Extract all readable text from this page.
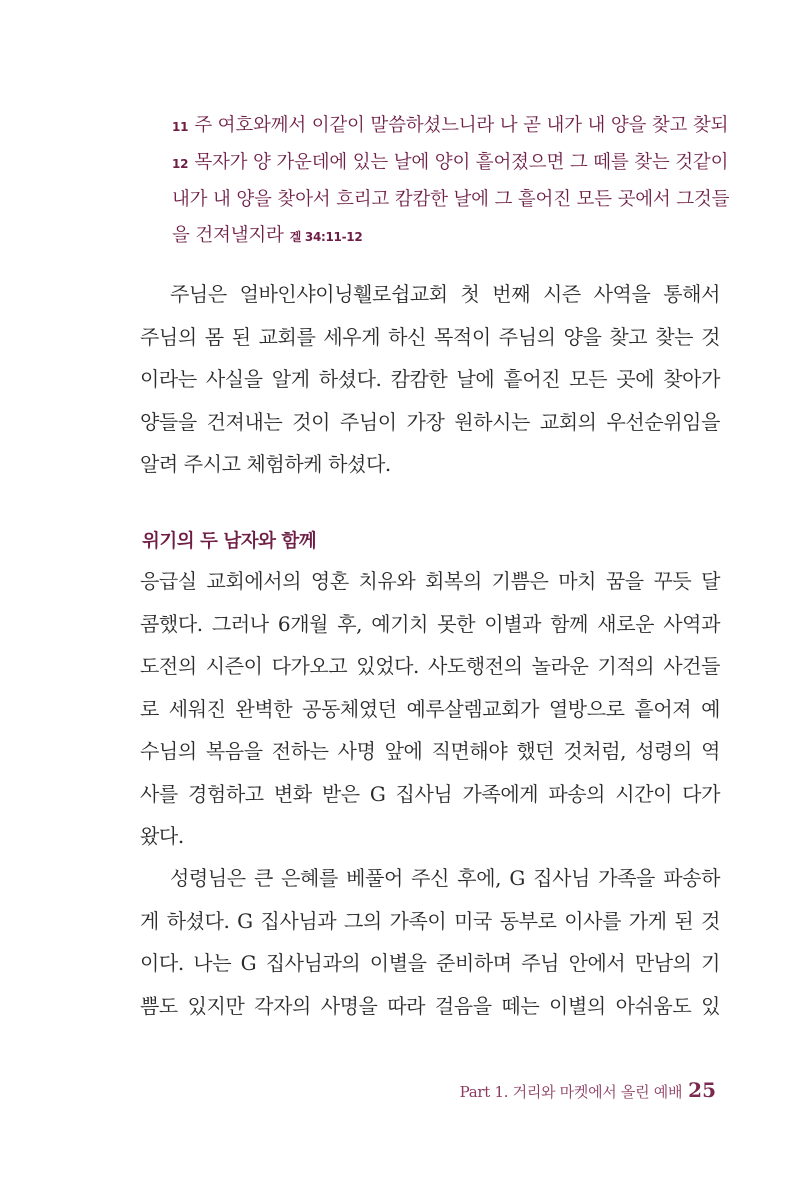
11 주 여호와께서 이같이 말씀하셨느니라 나 곧 내가 내 양을 찾고 찾되
12 목자가 양 가운데에 있는 날에 양이 흩어졌으면 그 떼를 찾는 것같이
내가 내 양을 찾아서 흐리고 캄캄한 날에 그 흩어진 모든 곳에서 그것들
을 건져낼지라 겔 34:11-12
주님은 얼바인샤이닝휄로쉽교회 첫 번째 시즌 사역을 통해서
주님의 몸 된 교회를 세우게 하신 목적이 주님의 양을 찾고 찾는 것
이라는 사실을 알게 하셨다. 캄캄한 날에 흩어진 모든 곳에 찾아가
양들을 건져내는 것이 주님이 가장 원하시는 교회의 우선순위임을
알려 주시고 체험하케 하셨다.
위기의 두 남자와 함께
응급실 교회에서의 영혼 치유와 회복의 기쁨은 마치 꿈을 꾸듯 달
콤했다. 그러나 6개월 후, 예기치 못한 이별과 함께 새로운 사역과
도전의 시즌이 다가오고 있었다. 사도행전의 놀라운 기적의 사건들
로 세워진 완벽한 공동체였던 예루살렘교회가 열방으로 흩어져 예
수님의 복음을 전하는 사명 앞에 직면해야 했던 것처럼, 성령의 역
사를 경험하고 변화 받은 G 집사님 가족에게 파송의 시간이 다가
왔다.
성령님은 큰 은혜를 베풀어 주신 후에, G 집사님 가족을 파송하
게 하셨다. G 집사님과 그의 가족이 미국 동부로 이사를 가게 된 것
이다. 나는 G 집사님과의 이별을 준비하며 주님 안에서 만남의 기
쁨도 있지만 각자의 사명을 따라 걸음을 떼는 이별의 아쉬움도 있
Part 1. 거리와 마켓에서 올린 예배 25
